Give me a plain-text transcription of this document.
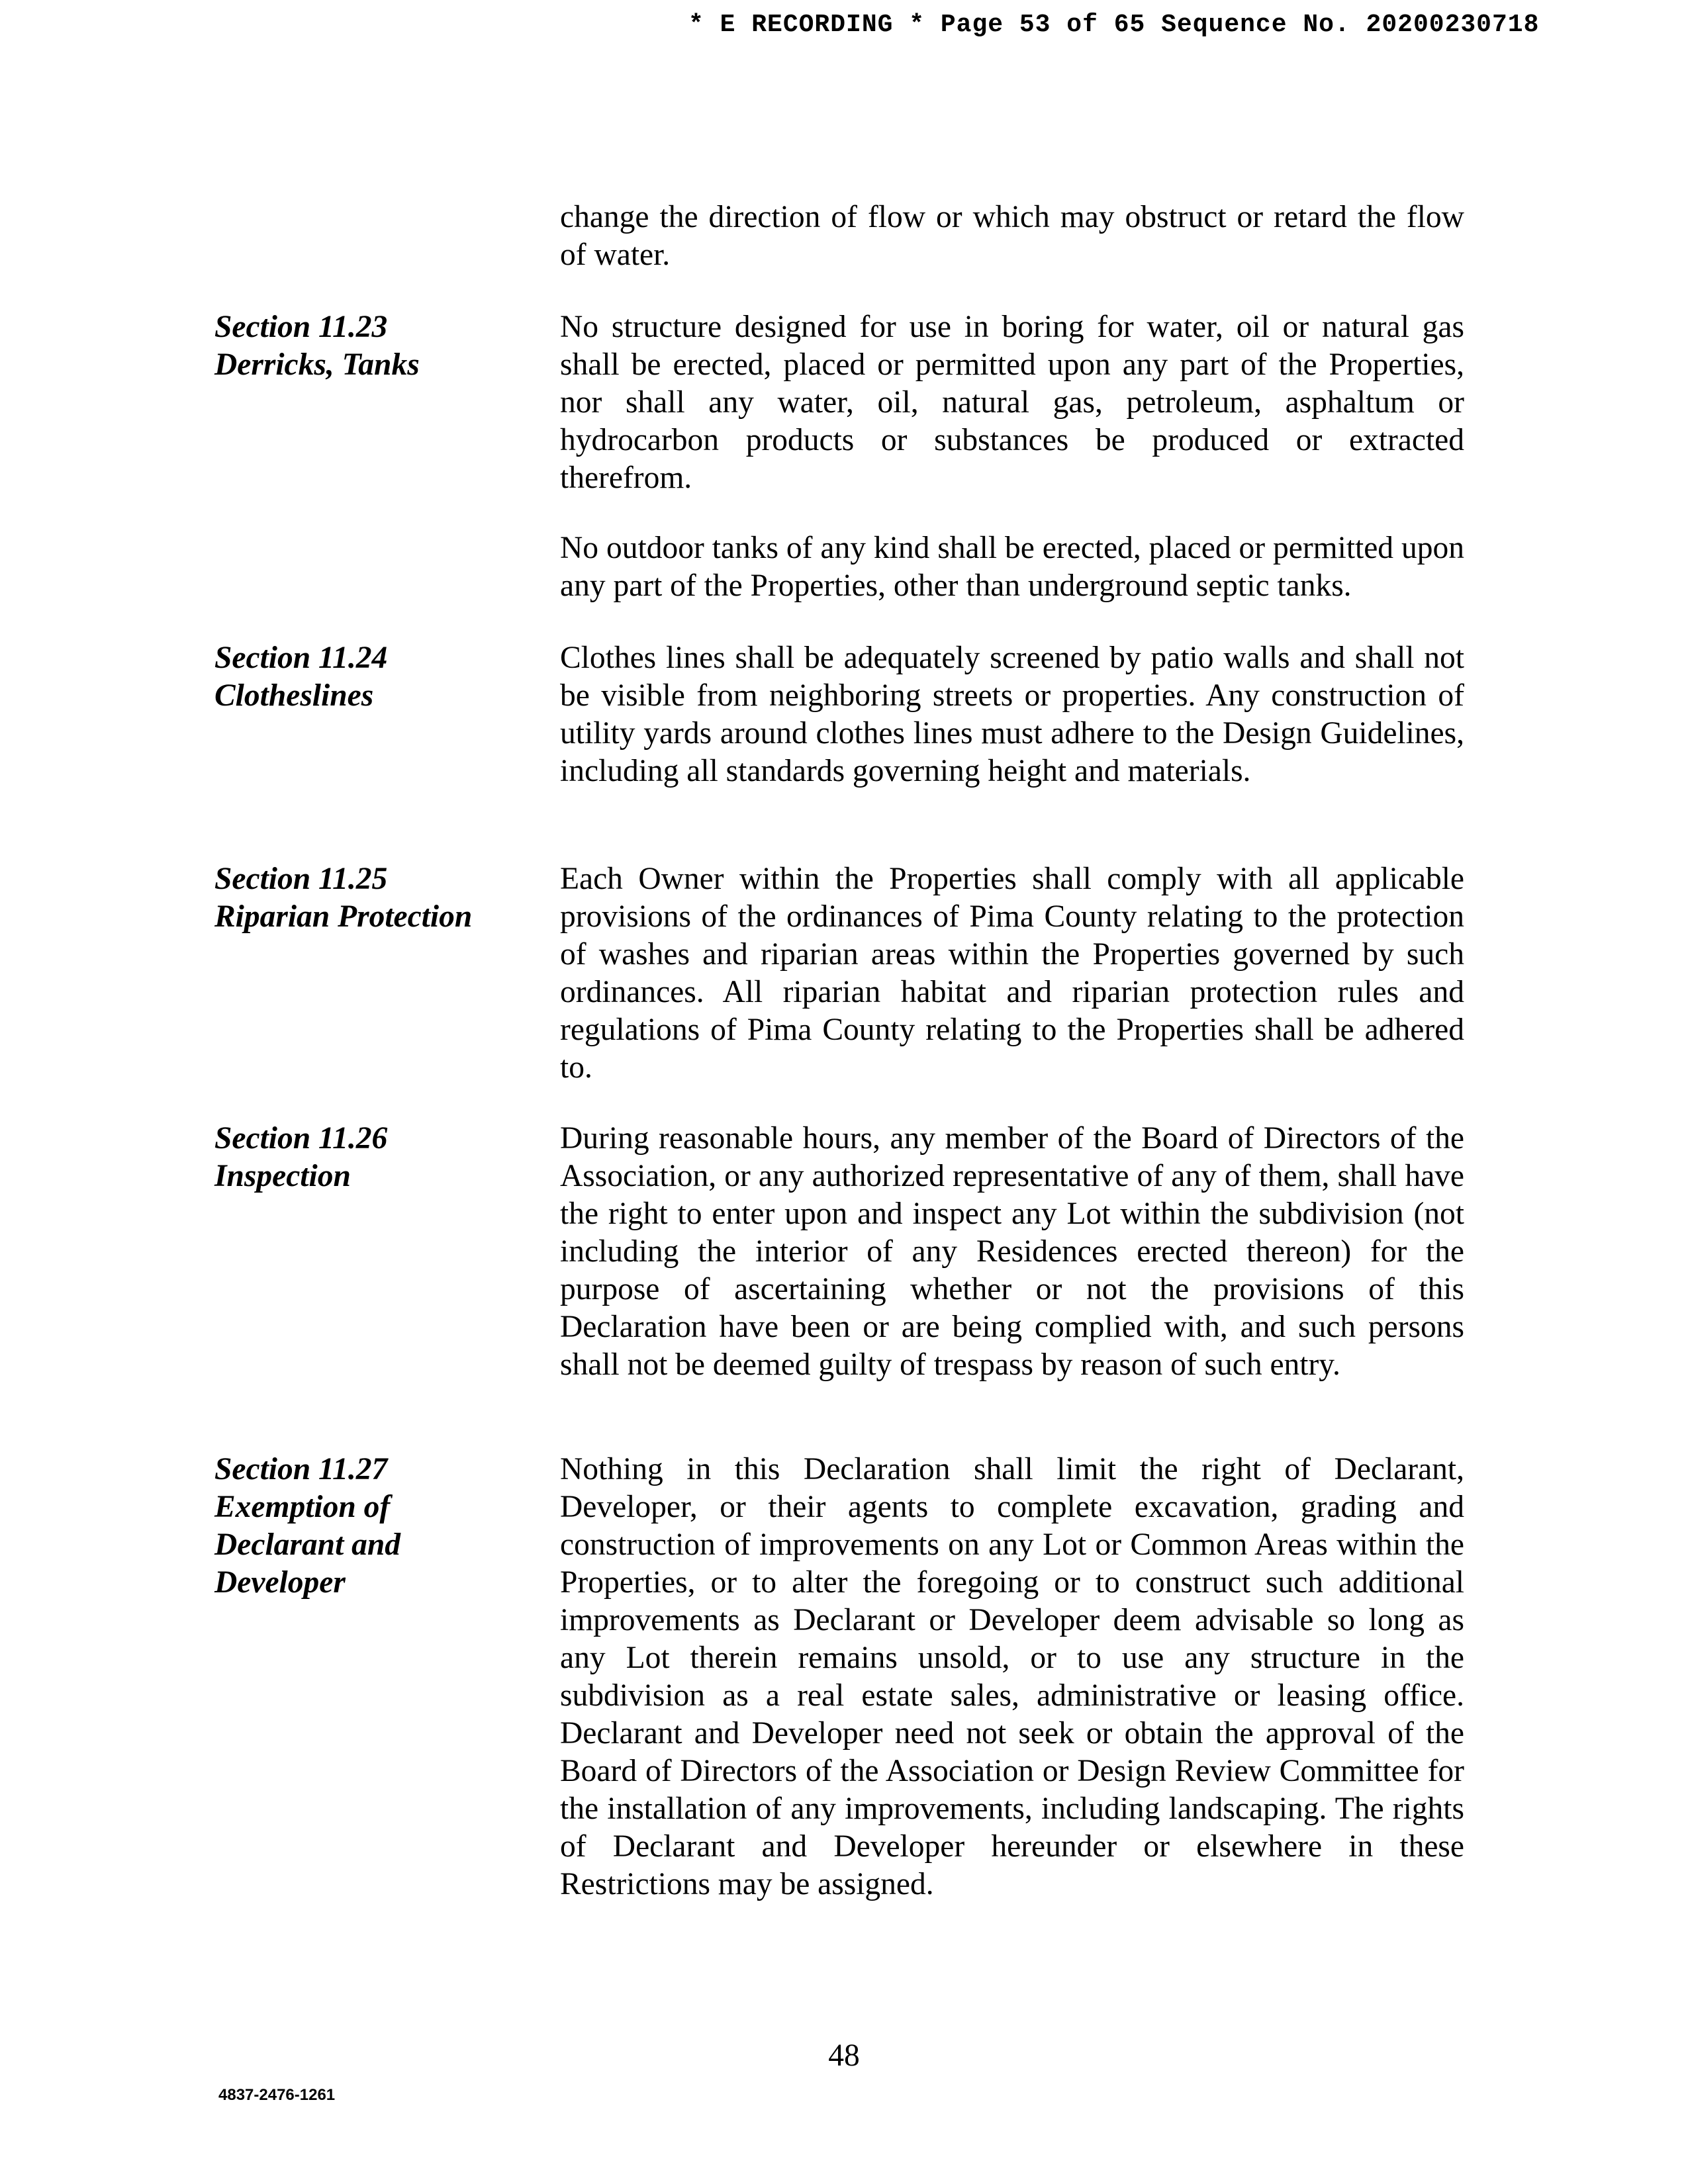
* E RECORDING * Page 53 of 65 Sequence No. 20200230718
change the direction of flow or which may obstruct or retard the flow of water.
Section 11.23
Derricks, Tanks
No structure designed for use in boring for water, oil or natural gas shall be erected, placed or permitted upon any part of the Properties, nor shall any water, oil, natural gas, petroleum, asphaltum or hydrocarbon products or substances be produced or extracted therefrom.
No outdoor tanks of any kind shall be erected, placed or permitted upon any part of the Properties, other than underground septic tanks.
Section 11.24
Clotheslines
Clothes lines shall be adequately screened by patio walls and shall not be visible from neighboring streets or properties. Any construction of utility yards around clothes lines must adhere to the Design Guidelines, including all standards governing height and materials.
Section 11.25
Riparian Protection
Each Owner within the Properties shall comply with all applicable provisions of the ordinances of Pima County relating to the protection of washes and riparian areas within the Properties governed by such ordinances. All riparian habitat and riparian protection rules and regulations of Pima County relating to the Properties shall be adhered to.
Section 11.26
Inspection
During reasonable hours, any member of the Board of Directors of the Association, or any authorized representative of any of them, shall have the right to enter upon and inspect any Lot within the subdivision (not including the interior of any Residences erected thereon) for the purpose of ascertaining whether or not the provisions of this Declaration have been or are being complied with, and such persons shall not be deemed guilty of trespass by reason of such entry.
Section 11.27
Exemption of
Declarant and
Developer
Nothing in this Declaration shall limit the right of Declarant, Developer, or their agents to complete excavation, grading and construction of improvements on any Lot or Common Areas within the Properties, or to alter the foregoing or to construct such additional improvements as Declarant or Developer deem advisable so long as any Lot therein remains unsold, or to use any structure in the subdivision as a real estate sales, administrative or leasing office. Declarant and Developer need not seek or obtain the approval of the Board of Directors of the Association or Design Review Committee for the installation of any improvements, including landscaping. The rights of Declarant and Developer hereunder or elsewhere in these Restrictions may be assigned.
48
4837-2476-1261
